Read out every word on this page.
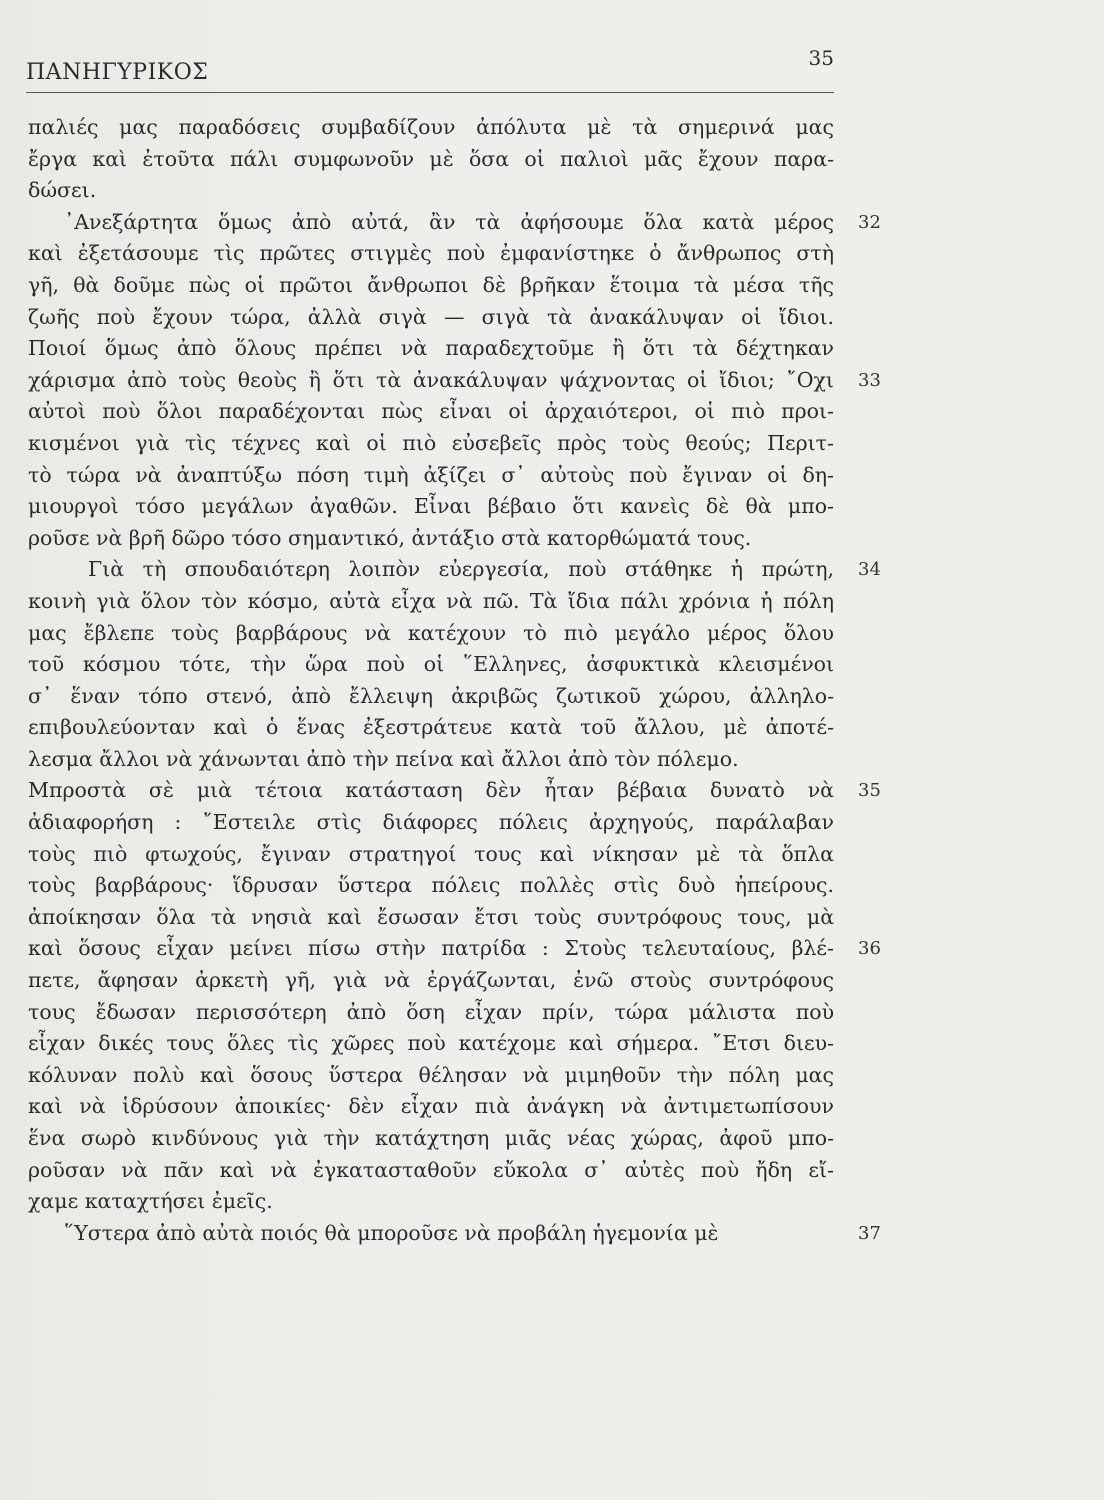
ΠΑΝΗΓΥΡΙΚΟΣ
35
παλιές μας παραδόσεις συμβαδίζουν ἀπόλυτα μὲ τὰ σημερινά μας
ἔργα καὶ ἐτοῦτα πάλι συμφωνοῦν μὲ ὅσα οἱ παλιοὶ μᾶς ἔχουν παρα-
δώσει.
᾿Ανεξάρτητα ὅμως ἀπὸ αὐτά, ἂν τὰ ἀφήσουμε ὅλα κατὰ μέρος 32
καὶ ἐξετάσουμε τὶς πρῶτες στιγμὲς ποὺ ἐμφανίστηκε ὁ ἄνθρωπος στὴ
γῆ, θὰ δοῦμε πὼς οἱ πρῶτοι ἄνθρωποι δὲ βρῆκαν ἕτοιμα τὰ μέσα τῆς
ζωῆς ποὺ ἔχουν τώρα, ἀλλὰ σιγὰ — σιγὰ τὰ ἀνακάλυψαν οἱ ἴδιοι.
Ποιοί ὅμως ἀπὸ ὅλους πρέπει νὰ παραδεχτοῦμε ἢ ὅτι τὰ δέχτηκαν
χάρισμα ἀπὸ τοὺς θεοὺς ἢ ὅτι τὰ ἀνακάλυψαν ψάχνοντας οἱ ἴδιοι; ῎Οχι 33
αὐτοὶ ποὺ ὅλοι παραδέχονται πὼς εἶναι οἱ ἀρχαιότεροι, οἱ πιὸ προι-
κισμένοι γιὰ τὶς τέχνες καὶ οἱ πιὸ εὐσεβεῖς πρὸς τοὺς θεούς; Περιτ-
τὸ τώρα νὰ ἀναπτύξω πόση τιμὴ ἀξίζει σ᾽ αὐτοὺς ποὺ ἔγιναν οἱ δη-
μιουργοὶ τόσο μεγάλων ἀγαθῶν. Εἶναι βέβαιο ὅτι κανεὶς δὲ θὰ μπο-
ροῦσε νὰ βρῆ δῶρο τόσο σημαντικό, ἀντάξιο στὰ κατορθώματά τους.
Γιὰ τὴ σπουδαιότερη λοιπὸν εὐεργεσία, ποὺ στάθηκε ἡ πρώτη, 34
κοινὴ γιὰ ὅλον τὸν κόσμο, αὐτὰ εἶχα νὰ πῶ. Τὰ ἴδια πάλι χρόνια ἡ πόλη
μας ἔβλεπε τοὺς βαρβάρους νὰ κατέχουν τὸ πιὸ μεγάλο μέρος ὅλου
τοῦ κόσμου τότε, τὴν ὥρα ποὺ οἱ ῞Ελληνες, ἀσφυκτικὰ κλεισμένοι
σ᾽ ἕναν τόπο στενό, ἀπὸ ἔλλειψη ἀκριβῶς ζωτικοῦ χώρου, ἀλληλο-
επιβουλεύονταν καὶ ὁ ἕνας ἐξεστράτευε κατὰ τοῦ ἄλλου, μὲ ἀποτέ-
λεσμα ἄλλοι νὰ χάνωνται ἀπὸ τὴν πείνα καὶ ἄλλοι ἀπὸ τὸν πόλεμο.
Μπροστὰ σὲ μιὰ τέτοια κατάσταση δὲν ἦταν βέβαια δυνατὸ νὰ 35
ἀδιαφορήση : ῎Εστειλε στὶς διάφορες πόλεις ἀρχηγούς, παράλαβαν
τοὺς πιὸ φτωχούς, ἔγιναν στρατηγοί τους καὶ νίκησαν μὲ τὰ ὅπλα
τοὺς βαρβάρους· ἵδρυσαν ὕστερα πόλεις πολλὲς στὶς δυὸ ἠπείρους.
ἀποίκησαν ὅλα τὰ νησιὰ καὶ ἔσωσαν ἔτσι τοὺς συντρόφους τους, μὰ
καὶ ὅσους εἶχαν μείνει πίσω στὴν πατρίδα : Στοὺς τελευταίους, βλέ- 36
πετε, ἄφησαν ἀρκετὴ γῆ, γιὰ νὰ ἐργάζωνται, ἐνῶ στοὺς συντρόφους
τους ἔδωσαν περισσότερη ἀπὸ ὅση εἶχαν πρίν, τώρα μάλιστα ποὺ
εἶχαν δικές τους ὅλες τὶς χῶρες ποὺ κατέχομε καὶ σήμερα. ῎Ετσι διευ-
κόλυναν πολὺ καὶ ὅσους ὕστερα θέλησαν νὰ μιμηθοῦν τὴν πόλη μας
καὶ νὰ ἱδρύσουν ἀποικίες· δὲν εἶχαν πιὰ ἀνάγκη νὰ ἀντιμετωπίσουν
ἕνα σωρὸ κινδύνους γιὰ τὴν κατάχτηση μιᾶς νέας χώρας, ἀφοῦ μπο-
ροῦσαν νὰ πᾶν καὶ νὰ ἐγκατασταθοῦν εὔκολα σ᾽ αὐτὲς ποὺ ἤδη εἴ-
χαμε καταχτήσει ἐμεῖς.
῞Υστερα ἀπὸ αὐτὰ ποιός θὰ μποροῦσε νὰ προβάλη ἡγεμονία μὲ	37
